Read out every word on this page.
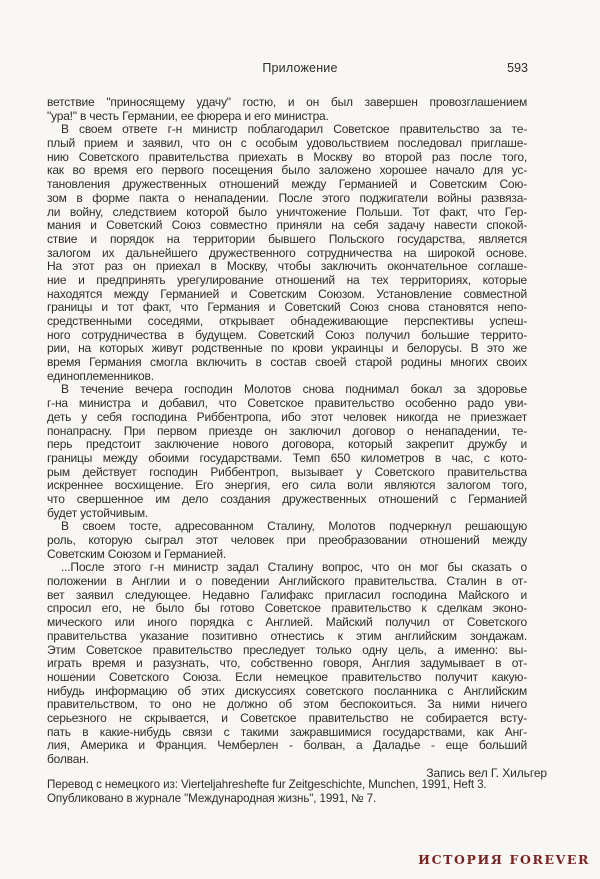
Приложение	593
ветствие "приносящему удачу" гостю, и он был завершен провозглашением
"ура!" в честь Германии, ее фюрера и его министра.
В своем ответе г-н министр поблагодарил Советское правительство за те-
плый прием и заявил, что он с особым удовольствием последовал приглаше-
нию Советского правительства приехать в Москву во второй раз после того,
как во время его первого посещения было заложено хорошее начало для ус-
тановления дружественных отношений между Германией и Советским Сою-
зом в форме пакта о ненападении. После этого поджигатели войны развяза-
ли войну, следствием которой было уничтожение Польши. Тот факт, что Гер-
мания и Советский Союз совместно приняли на себя задачу навести спокой-
ствие и порядок на территории бывшего Польского государства, является
залогом их дальнейшего дружественного сотрудничества на широкой основе.
На этот раз он приехал в Москву, чтобы заключить окончательное соглаше-
ние и предпринять урегулирование отношений на тех территориях, которые
находятся между Германией и Советским Союзом. Установление совместной
границы и тот факт, что Германия и Советский Союз снова становятся непо-
средственными соседями, открывает обнадеживающие перспективы успеш-
ного сотрудничества в будущем. Советский Союз получил большие террито-
рии, на которых живут родственные по крови украинцы и белорусы. В это же
время Германия смогла включить в состав своей старой родины многих своих
единоплеменников.
В течение вечера господин Молотов снова поднимал бокал за здоровье
г-на министра и добавил, что Советское правительство особенно радо уви-
деть у себя господина Риббентропа, ибо этот человек никогда не приезжает
понапрасну. При первом приезде он заключил договор о ненападении, те-
перь предстоит заключение нового договора, который закрепит дружбу и
границы между обоими государствами. Темп 650 километров в час, с кото-
рым действует господин Риббентроп, вызывает у Советского правительства
искреннее восхищение. Его энергия, его сила воли являются залогом того,
что свершенное им дело создания дружественных отношений с Германией
будет устойчивым.
В своем тосте, адресованном Сталину, Молотов подчеркнул решающую
роль, которую сыграл этот человек при преобразовании отношений между
Советским Союзом и Германией.
...После этого г-н министр задал Сталину вопрос, что он мог бы сказать о
положении в Англии и о поведении Английского правительства. Сталин в от-
вет заявил следующее. Недавно Галифакс пригласил господина Майского и
спросил его, не было бы готово Советское правительство к сделкам эконо-
мического или иного порядка с Англией. Майский получил от Советского
правительства указание позитивно отнестись к этим английским зондажам.
Этим Советское правительство преследует только одну цель, а именно: вы-
играть время и разузнать, что, собственно говоря, Англия задумывает в от-
ношении Советского Союза. Если немецкое правительство получит какую-
нибудь информацию об этих дискуссиях советского посланника с Английским
правительством, то оно не должно об этом беспокоиться. За ними ничего
серьезного не скрывается, и Советское правительство не собирается всту-
пать в какие-нибудь связи с такими зажравшимися государствами, как Анг-
лия, Америка и Франция. Чемберлен - болван, а Даладье - еще больший
болван.
Запись вел Г. Хильгер
Перевод с немецкого из: Vierteljahreshefte fur Zeitgeschichte, Munchen, 1991, Heft 3.
Опубликовано в журнале "Международная жизнь", 1991, № 7.
ИСТОРИЯ FOREVER
